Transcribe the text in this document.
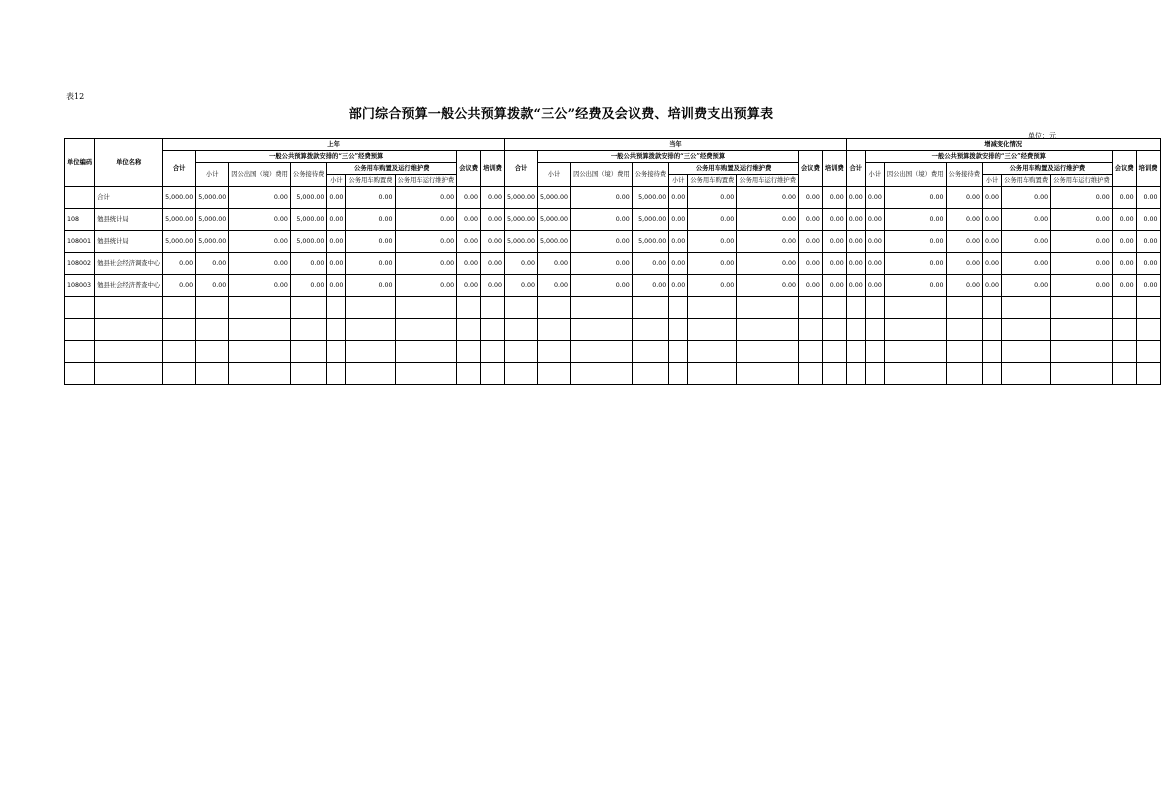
表12
部门综合预算一般公共预算拨款“三公”经费及会议费、培训费支出预算表
单位：元
单位编码	单位名称	上年									当年									增减变化情况								
		合计	一般公共预算拨款安排的“三公”经费预算						会议费	培训费	合计	一般公共预算拨款安排的“三公”经费预算						会议费	培训费	合计	一般公共预算拨款安排的“三公”经费预算						会议费	培训费
			小计	因公出国（境）费用	公务接待费	公务用车购置及运行维护费						小计	因公出国（境）费用	公务接待费	公务用车购置及运行维护费						小计	因公出国（境）费用	公务接待费	公务用车购置及运行维护费				
						小计	公务用车购置费	公务用车运行维护费							小计	公务用车购置费	公务用车运行维护费							小计	公务用车购置费	公务用车运行维护费		
	合计	5,000.00	5,000.00	0.00	5,000.00	0.00	0.00	0.00	0.00	0.00	5,000.00	5,000.00	0.00	5,000.00	0.00	0.00	0.00	0.00	0.00	0.00	0.00	0.00	0.00	0.00	0.00	0.00	0.00	0.00
108	勉县统计局	5,000.00	5,000.00	0.00	5,000.00	0.00	0.00	0.00	0.00	0.00	5,000.00	5,000.00	0.00	5,000.00	0.00	0.00	0.00	0.00	0.00	0.00	0.00	0.00	0.00	0.00	0.00	0.00	0.00	0.00
108001	勉县统计局	5,000.00	5,000.00	0.00	5,000.00	0.00	0.00	0.00	0.00	0.00	5,000.00	5,000.00	0.00	5,000.00	0.00	0.00	0.00	0.00	0.00	0.00	0.00	0.00	0.00	0.00	0.00	0.00	0.00	0.00
108002	勉县社会经济调查中心	0.00	0.00	0.00	0.00	0.00	0.00	0.00	0.00	0.00	0.00	0.00	0.00	0.00	0.00	0.00	0.00	0.00	0.00	0.00	0.00	0.00	0.00	0.00	0.00	0.00	0.00	0.00
108003	勉县社会经济普查中心	0.00	0.00	0.00	0.00	0.00	0.00	0.00	0.00	0.00	0.00	0.00	0.00	0.00	0.00	0.00	0.00	0.00	0.00	0.00	0.00	0.00	0.00	0.00	0.00	0.00	0.00	0.00
